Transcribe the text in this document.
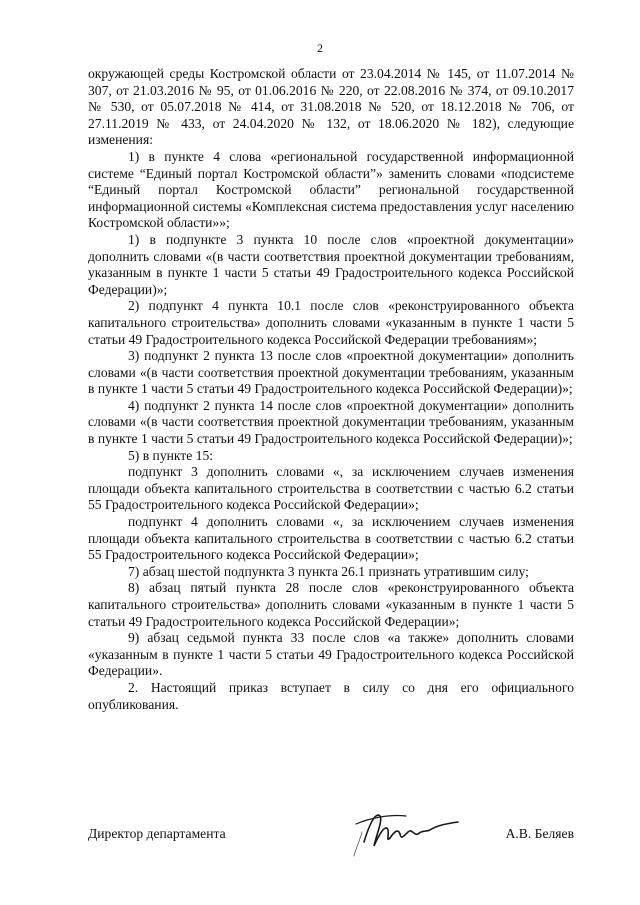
2

окружающей среды Костромской области от 23.04.2014 № 145, от 11.07.2014 № 307, от 21.03.2016 № 95, от 01.06.2016 № 220, от 22.08.2016 № 374, от 09.10.2017 № 530, от 05.07.2018 № 414, от 31.08.2018 № 520, от 18.12.2018 № 706, от 27.11.2019 № 433, от 24.04.2020 № 132, от 18.06.2020 № 182), следующие изменения:

1) в пункте 4 слова «региональной государственной информационной системе “Единый портал Костромской области”» заменить словами «подсистеме “Единый портал Костромской области” региональной государственной информационной системы «Комплексная система предоставления услуг населению Костромской области»»;

1) в подпункте 3 пункта 10 после слов «проектной документации» дополнить словами «(в части соответствия проектной документации требованиям, указанным в пункте 1 части 5 статьи 49 Градостроительного кодекса Российской Федерации)»;

2) подпункт 4 пункта 10.1 после слов «реконструированного объекта капитального строительства» дополнить словами «указанным в пункте 1 части 5 статьи 49 Градостроительного кодекса Российской Федерации требованиям»;

3) подпункт 2 пункта 13 после слов «проектной документации» дополнить словами «(в части соответствия проектной документации требованиям, указанным в пункте 1 части 5 статьи 49 Градостроительного кодекса Российской Федерации)»;

4) подпункт 2 пункта 14 после слов «проектной документации» дополнить словами «(в части соответствия проектной документации требованиям, указанным в пункте 1 части 5 статьи 49 Градостроительного кодекса Российской Федерации)»;

5) в пункте 15:

подпункт 3 дополнить словами «, за исключением случаев изменения площади объекта капитального строительства в соответствии с частью 6.2 статьи 55 Градостроительного кодекса Российской Федерации»;

подпункт 4 дополнить словами «, за исключением случаев изменения площади объекта капитального строительства в соответствии с частью 6.2 статьи 55 Градостроительного кодекса Российской Федерации»;

7) абзац шестой подпункта 3 пункта 26.1 признать утратившим силу;

8) абзац пятый пункта 28 после слов «реконструированного объекта капитального строительства» дополнить словами «указанным в пункте 1 части 5 статьи 49 Градостроительного кодекса Российской Федерации»;

9) абзац седьмой пункта 33 после слов «а также» дополнить словами «указанным в пункте 1 части 5 статьи 49 Градостроительного кодекса Российской Федерации».

2. Настоящий приказ вступает в силу со дня его официального опубликования.

Директор департамента	А.В. Беляев
